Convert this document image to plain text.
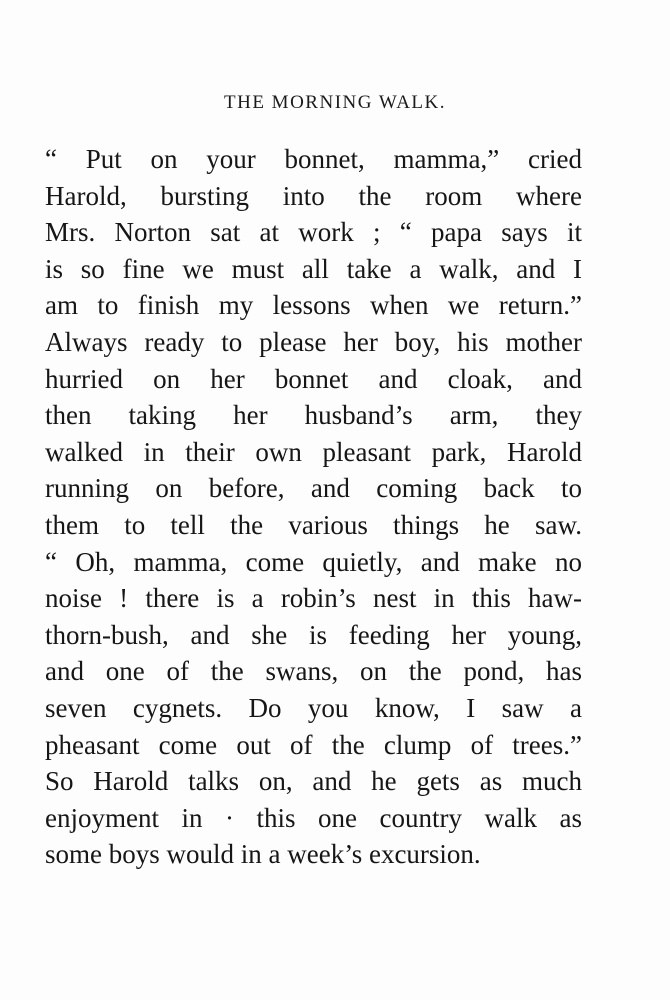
THE MORNING WALK.
“ Put on your bonnet, mamma,” cried
Harold, bursting into the room where
Mrs. Norton sat at work ; “ papa says it
is so fine we must all take a walk, and I
am to finish my lessons when we return.”
Always ready to please her boy, his mother
hurried on her bonnet and cloak, and
then taking her husband’s arm, they
walked in their own pleasant park, Harold
running on before, and coming back to
them to tell the various things he saw.
“ Oh, mamma, come quietly, and make no
noise ! there is a robin’s nest in this haw-
thorn-bush, and she is feeding her young,
and one of the swans, on the pond, has
seven cygnets. Do you know, I saw a
pheasant come out of the clump of trees.”
So Harold talks on, and he gets as much
enjoyment in · this one country walk as
some boys would in a week’s excursion.
